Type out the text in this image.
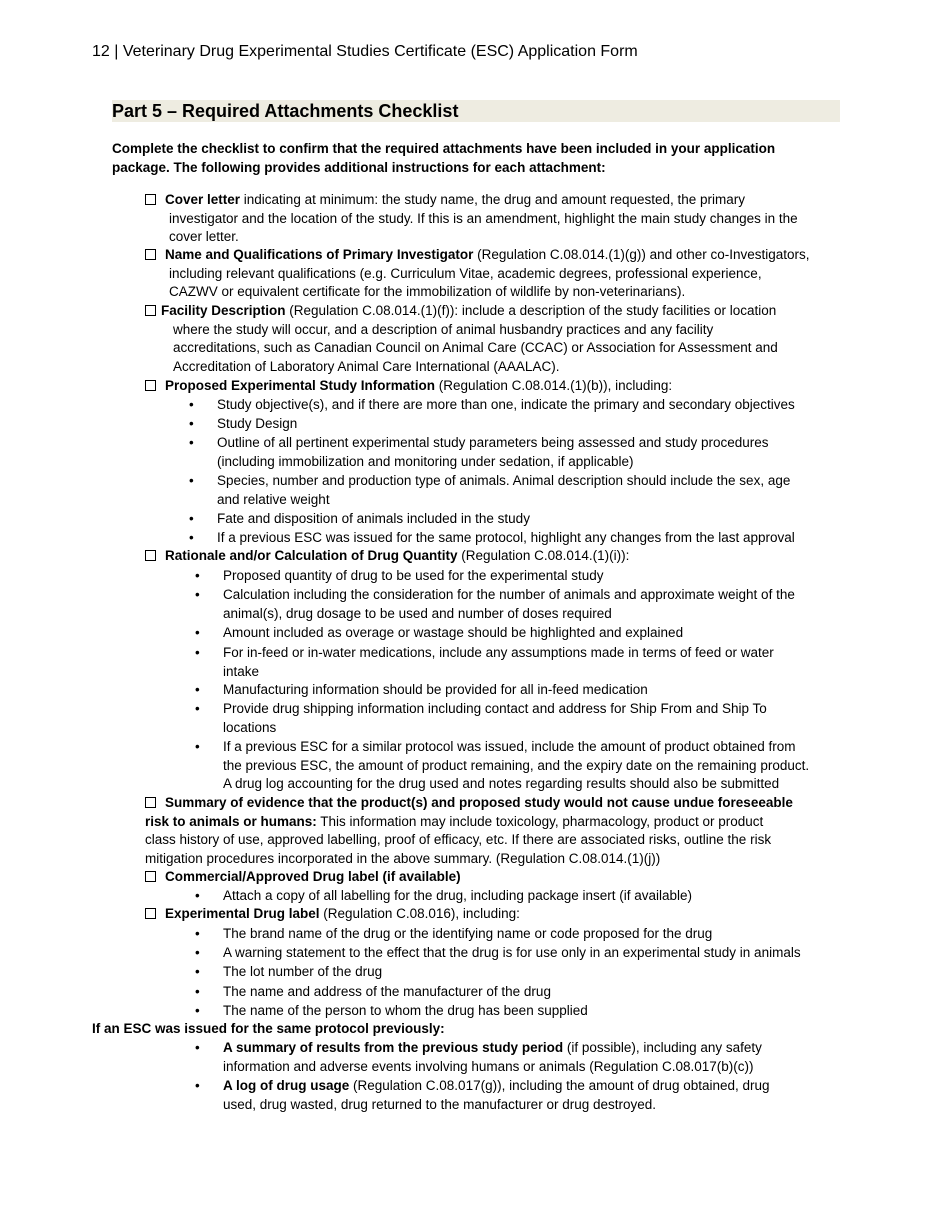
12 | Veterinary Drug Experimental Studies Certificate (ESC) Application Form
Part 5 – Required Attachments Checklist
Complete the checklist to confirm that the required attachments have been included in your application package. The following provides additional instructions for each attachment:
Cover letter indicating at minimum: the study name, the drug and amount requested, the primary
investigator and the location of the study. If this is an amendment, highlight the main study changes in the
cover letter.
Name and Qualifications of Primary Investigator (Regulation C.08.014.(1)(g)) and other co-Investigators,
including relevant qualifications (e.g. Curriculum Vitae, academic degrees, professional experience,
CAZWV or equivalent certificate for the immobilization of wildlife by non-veterinarians).
Facility Description (Regulation C.08.014.(1)(f)): include a description of the study facilities or location
where the study will occur, and a description of animal husbandry practices and any facility
accreditations, such as Canadian Council on Animal Care (CCAC) or Association for Assessment and
Accreditation of Laboratory Animal Care International (AAALAC).
Proposed Experimental Study Information (Regulation C.08.014.(1)(b)), including:
• Study objective(s), and if there are more than one, indicate the primary and secondary objectives
• Study Design
• Outline of all pertinent experimental study parameters being assessed and study procedures
(including immobilization and monitoring under sedation, if applicable)
• Species, number and production type of animals. Animal description should include the sex, age
and relative weight
• Fate and disposition of animals included in the study
• If a previous ESC was issued for the same protocol, highlight any changes from the last approval
Rationale and/or Calculation of Drug Quantity (Regulation C.08.014.(1)(i)):
• Proposed quantity of drug to be used for the experimental study
• Calculation including the consideration for the number of animals and approximate weight of the
animal(s), drug dosage to be used and number of doses required
• Amount included as overage or wastage should be highlighted and explained
• For in-feed or in-water medications, include any assumptions made in terms of feed or water
intake
• Manufacturing information should be provided for all in-feed medication
• Provide drug shipping information including contact and address for Ship From and Ship To
locations
• If a previous ESC for a similar protocol was issued, include the amount of product obtained from
the previous ESC, the amount of product remaining, and the expiry date on the remaining product.
A drug log accounting for the drug used and notes regarding results should also be submitted
Summary of evidence that the product(s) and proposed study would not cause undue foreseeable
risk to animals or humans: This information may include toxicology, pharmacology, product or product
class history of use, approved labelling, proof of efficacy, etc. If there are associated risks, outline the risk
mitigation procedures incorporated in the above summary. (Regulation C.08.014.(1)(j))
Commercial/Approved Drug label (if available)
• Attach a copy of all labelling for the drug, including package insert (if available)
Experimental Drug label (Regulation C.08.016), including:
• The brand name of the drug or the identifying name or code proposed for the drug
• A warning statement to the effect that the drug is for use only in an experimental study in animals
• The lot number of the drug
• The name and address of the manufacturer of the drug
• The name of the person to whom the drug has been supplied
If an ESC was issued for the same protocol previously:
• A summary of results from the previous study period (if possible), including any safety
information and adverse events involving humans or animals (Regulation C.08.017(b)(c))
• A log of drug usage (Regulation C.08.017(g)), including the amount of drug obtained, drug
used, drug wasted, drug returned to the manufacturer or drug destroyed.
